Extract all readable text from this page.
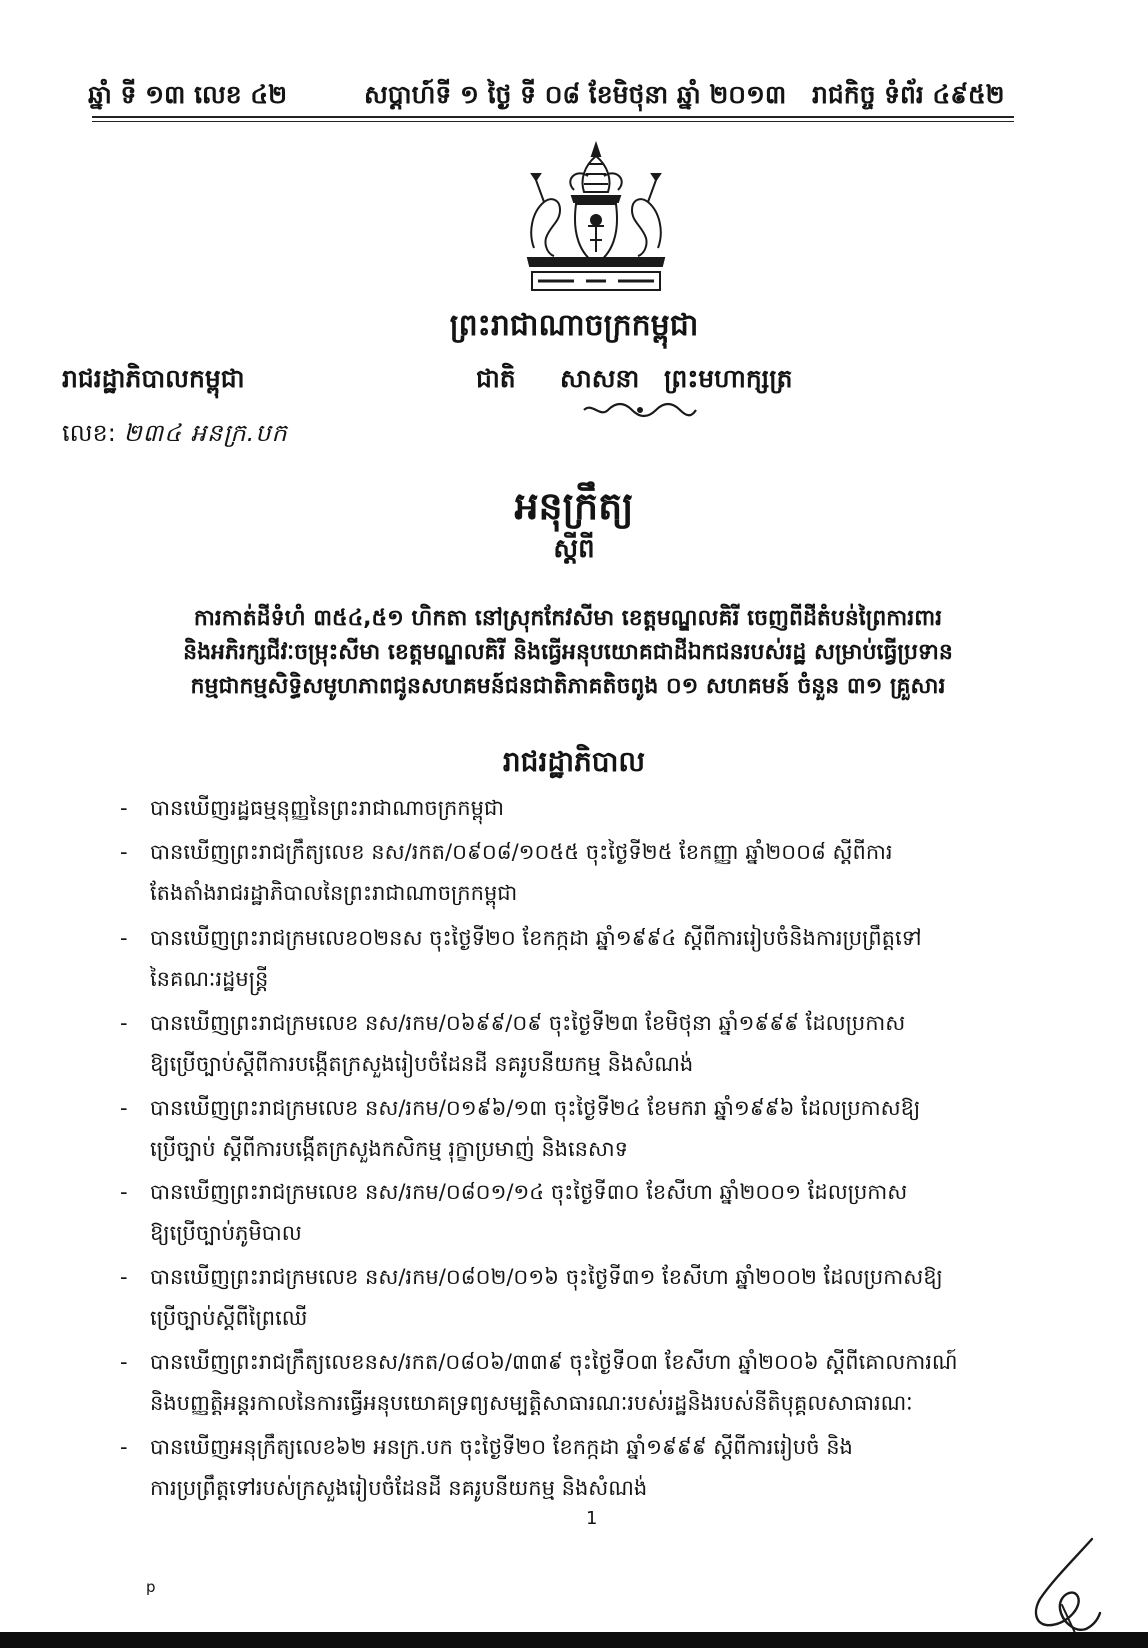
ឆ្នាំ ទី ១៣ លេខ ៤២	សប្តាហ៍ទី ១ ថ្ងៃ ទី ០៨ ខែមិថុនា ឆ្នាំ ២០១៣ រាជកិច្ច ទំព័រ ៤៩៥២
ព្រះរាជាណាចក្រកម្ពុជា
រាជរដ្ឋាភិបាលកម្ពុជា	ជាតិ សាសនា ព្រះមហាក្សត្រ
លេខ: ២៣៤ អនក្រ.បក
អនុក្រឹត្យ
ស្តីពី
ការកាត់ដីទំហំ ៣៥៤,៥១ ហិកតា នៅស្រុកកែវសីមា ខេត្តមណ្ឌលគិរី ចេញពីដីតំបន់ព្រៃការពារ
និងអភិរក្សជីវៈចម្រុះសីមា ខេត្តមណ្ឌលគិរី និងធ្វើអនុបយោគជាដីឯកជនរបស់រដ្ឋ សម្រាប់ធ្វើប្រទាន
កម្មជាកម្មសិទ្ធិសមូហភាពជូនសហគមន៍ជនជាតិភាគតិចពូង ០១ សហគមន៍ ចំនួន ៣១ គ្រួសារ
រាជរដ្ឋាភិបាល
- បានឃើញរដ្ឋធម្មនុញ្ញនៃព្រះរាជាណាចក្រកម្ពុជា
- បានឃើញព្រះរាជក្រឹត្យលេខ នស/រកត/០៩០៨/១០៥៥ ចុះថ្ងៃទី២៥ ខែកញ្ញា ឆ្នាំ២០០៨ ស្តីពីការ
តែងតាំងរាជរដ្ឋាភិបាលនៃព្រះរាជាណាចក្រកម្ពុជា
- បានឃើញព្រះរាជក្រមលេខ០២នស ចុះថ្ងៃទី២០ ខែកក្កដា ឆ្នាំ១៩៩៤ ស្តីពីការរៀបចំនិងការប្រព្រឹត្តទៅ
នៃគណៈរដ្ឋមន្ត្រី
- បានឃើញព្រះរាជក្រមលេខ នស/រកម/០៦៩៩/០៩ ចុះថ្ងៃទី២៣ ខែមិថុនា ឆ្នាំ១៩៩៩ ដែលប្រកាស
ឱ្យប្រើច្បាប់ស្តីពីការបង្កើតក្រសួងរៀបចំដែនដី នគរូបនីយកម្ម និងសំណង់
- បានឃើញព្រះរាជក្រមលេខ នស/រកម/០១៩៦/១៣ ចុះថ្ងៃទី២៤ ខែមករា ឆ្នាំ១៩៩៦ ដែលប្រកាសឱ្យ
ប្រើច្បាប់ ស្តីពីការបង្កើតក្រសួងកសិកម្ម រុក្ខាប្រមាញ់ និងនេសាទ
- បានឃើញព្រះរាជក្រមលេខ នស/រកម/០៨០១/១៤ ចុះថ្ងៃទី៣០ ខែសីហា ឆ្នាំ២០០១ ដែលប្រកាស
ឱ្យប្រើច្បាប់ភូមិបាល
- បានឃើញព្រះរាជក្រមលេខ នស/រកម/០៨០២/០១៦ ចុះថ្ងៃទី៣១ ខែសីហា ឆ្នាំ២០០២ ដែលប្រកាសឱ្យ
ប្រើច្បាប់ស្តីពីព្រៃឈើ
- បានឃើញព្រះរាជក្រឹត្យលេខនស/រកត/០៨០៦/៣៣៩ ចុះថ្ងៃទី០៣ ខែសីហា ឆ្នាំ២០០៦ ស្តីពីគោលការណ៍
និងបញ្ញត្តិអន្តរកាលនៃការធ្វើអនុបយោគទ្រព្យសម្បត្តិសាធារណៈរបស់រដ្ឋនិងរបស់នីតិបុគ្គលសាធារណៈ
- បានឃើញអនុក្រឹត្យលេខ៦២ អនក្រ.បក ចុះថ្ងៃទី២០ ខែកក្កដា ឆ្នាំ១៩៩៩ ស្តីពីការរៀបចំ និង
ការប្រព្រឹត្តទៅរបស់ក្រសួងរៀបចំដែនដី នគរូបនីយកម្ម និងសំណង់
1
p
